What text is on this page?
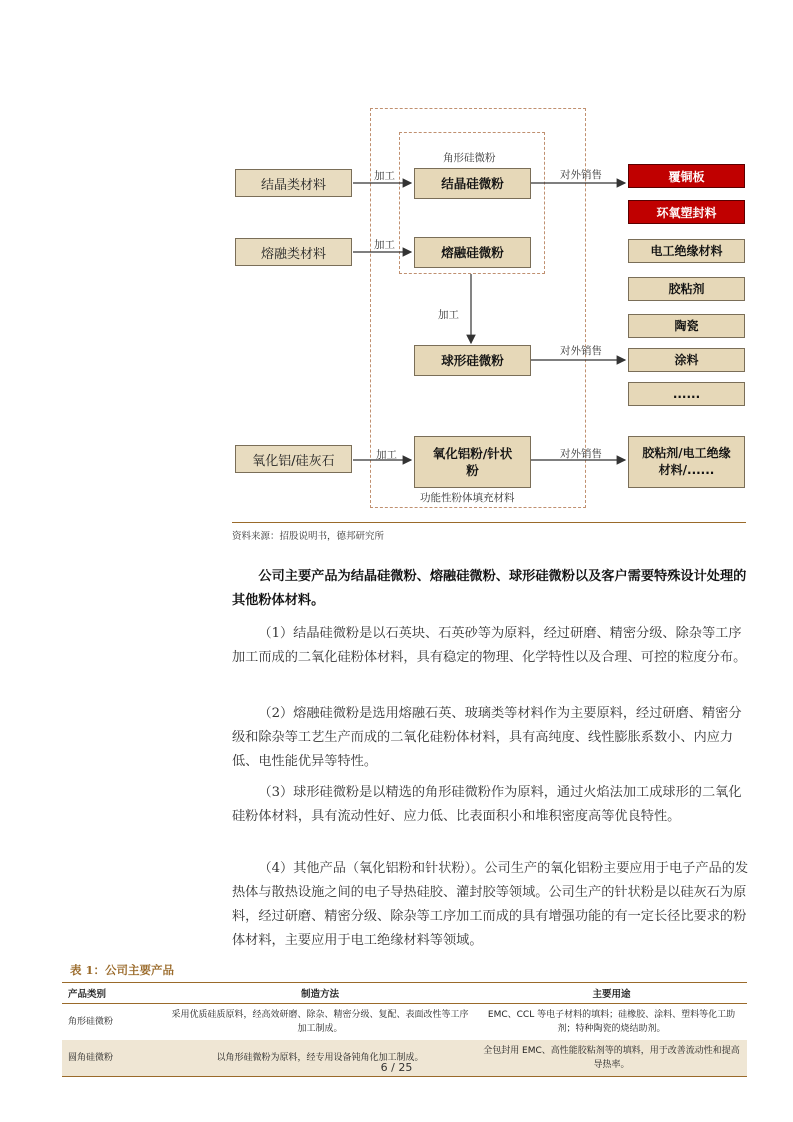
角形硅微粉
功能性粉体填充材料
加工
加工
加工
加工
对外销售
对外销售
对外销售
结晶类材料
熔融类材料
氧化铝/硅灰石
结晶硅微粉
熔融硅微粉
球形硅微粉
氧化铝粉/针状粉
覆铜板
环氧塑封料
电工绝缘材料
胶粘剂
陶瓷
涂料
......
胶粘剂/电工绝缘材料/......
资料来源：招股说明书，德邦研究所

公司主要产品为结晶硅微粉、熔融硅微粉、球形硅微粉以及客户需要特殊设计处理的其他粉体材料。

（1）结晶硅微粉是以石英块、石英砂等为原料，经过研磨、精密分级、除杂等工序加工而成的二氧化硅粉体材料，具有稳定的物理、化学特性以及合理、可控的粒度分布。

（2）熔融硅微粉是选用熔融石英、玻璃类等材料作为主要原料，经过研磨、精密分级和除杂等工艺生产而成的二氧化硅粉体材料，具有高纯度、线性膨胀系数小、内应力低、电性能优异等特性。

（3）球形硅微粉是以精选的角形硅微粉作为原料，通过火焰法加工成球形的二氧化硅粉体材料，具有流动性好、应力低、比表面积小和堆积密度高等优良特性。

（4）其他产品（氧化铝粉和针状粉）。公司生产的氧化铝粉主要应用于电子产品的发热体与散热设施之间的电子导热硅胶、灌封胶等领域。公司生产的针状粉是以硅灰石为原料，经过研磨、精密分级、除杂等工序加工而成的具有增强功能的有一定长径比要求的粉体材料，主要应用于电工绝缘材料等领域。

表 1：公司主要产品
产品类别	制造方法	主要用途
角形硅微粉	采用优质硅质原料，经高效研磨、除杂、精密分级、复配、表面改性等工序加工制成。	EMC、CCL 等电子材料的填料；硅橡胶、涂料、塑料等化工助剂；特种陶瓷的烧结助剂。
圆角硅微粉	以角形硅微粉为原料，经专用设备钝角化加工制成。	全包封用 EMC、高性能胶粘剂等的填料，用于改善流动性和提高导热率。
6 / 25
